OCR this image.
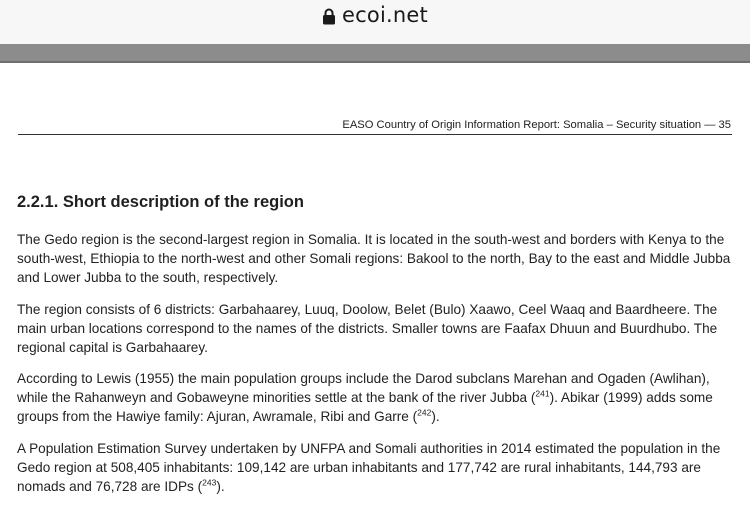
ecoi.net
EASO Country of Origin Information Report: Somalia – Security situation — 35
2.2.1. Short description of the region

The Gedo region is the second-largest region in Somalia. It is located in the south-west and borders with Kenya to the south-west, Ethiopia to the north-west and other Somali regions: Bakool to the north, Bay to the east and Middle Jubba and Lower Jubba to the south, respectively.

The region consists of 6 districts: Garbahaarey, Luuq, Doolow, Belet (Bulo) Xaawo, Ceel Waaq and Baardheere. The main urban locations correspond to the names of the districts. Smaller towns are Faafax Dhuun and Buurdhubo. The regional capital is Garbahaarey.

According to Lewis (1955) the main population groups include the Darod subclans Marehan and Ogaden (Awlihan), while the Rahanweyn and Gobaweyne minorities settle at the bank of the river Jubba ($^{241}$). Abikar (1999) adds some groups from the Hawiye family: Ajuran, Awramale, Ribi and Garre ($^{242}$).

A Population Estimation Survey undertaken by UNFPA and Somali authorities in 2014 estimated the population in the Gedo region at 508,405 inhabitants: 109,142 are urban inhabitants and 177,742 are rural inhabitants, 144,793 are nomads and 76,728 are IDPs ($^{243}$).
